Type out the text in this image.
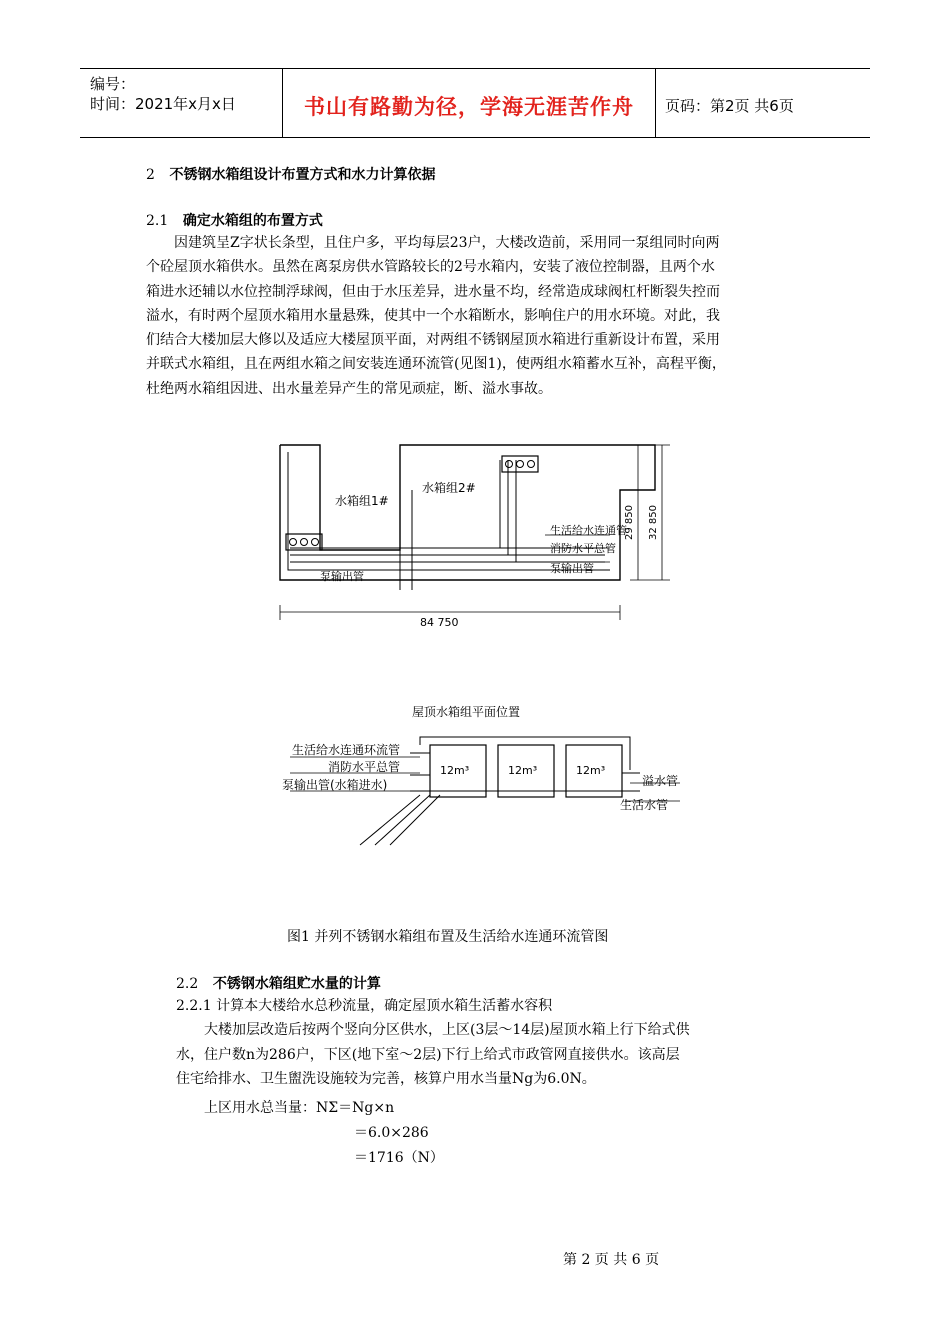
编号：
时间：2021年x月x日	书山有路勤为径，学海无涯苦作舟	页码：第2页 共6页
2 不锈钢水箱组设计布置方式和水力计算依据
2.1 确定水箱组的布置方式

因建筑呈Z字状长条型，且住户多，平均每层23户，大楼改造前，采用同一泵组同时向两

个砼屋顶水箱供水。虽然在离泵房供水管路较长的2号水箱内，安装了液位控制器，且两个水

箱进水还辅以水位控制浮球阀，但由于水压差异，进水量不均，经常造成球阀杠杆断裂失控而

溢水，有时两个屋顶水箱用水量悬殊，使其中一个水箱断水，影响住户的用水环境。对此，我

们结合大楼加层大修以及适应大楼屋顶平面，对两组不锈钢屋顶水箱进行重新设计布置，采用

并联式水箱组，且在两组水箱之间安装连通环流管(见图1)，使两组水箱蓄水互补，高程平衡，

杜绝两水箱组因进、出水量差异产生的常见顽症，断、溢水事故。

水箱组1#
水箱组2#
生活给水连通管
消防水平总管
泵输出管
泵输出管
84 750
29 850 32 850
屋顶水箱组平面位置
生活给水连通环流管
消防水平总管
泵输出管(水箱进水)
12m³	12m³	12m³
溢水管
生活水管
图1 并列不锈钢水箱组布置及生活给水连通环流管图
2.2 不锈钢水箱组贮水量的计算

2.2.1 计算本大楼给水总秒流量，确定屋顶水箱生活蓄水容积

大楼加层改造后按两个竖向分区供水，上区(3层～14层)屋顶水箱上行下给式供

水，住户数n为286户，下区(地下室～2层)下行上给式市政管网直接供水。该高层

住宅给排水、卫生盥洗设施较为完善，核算户用水当量Ng为6.0N。

上区用水总当量：NΣ＝Ng×n
＝6.0×286
＝1716（N）
第 2 页 共 6 页
